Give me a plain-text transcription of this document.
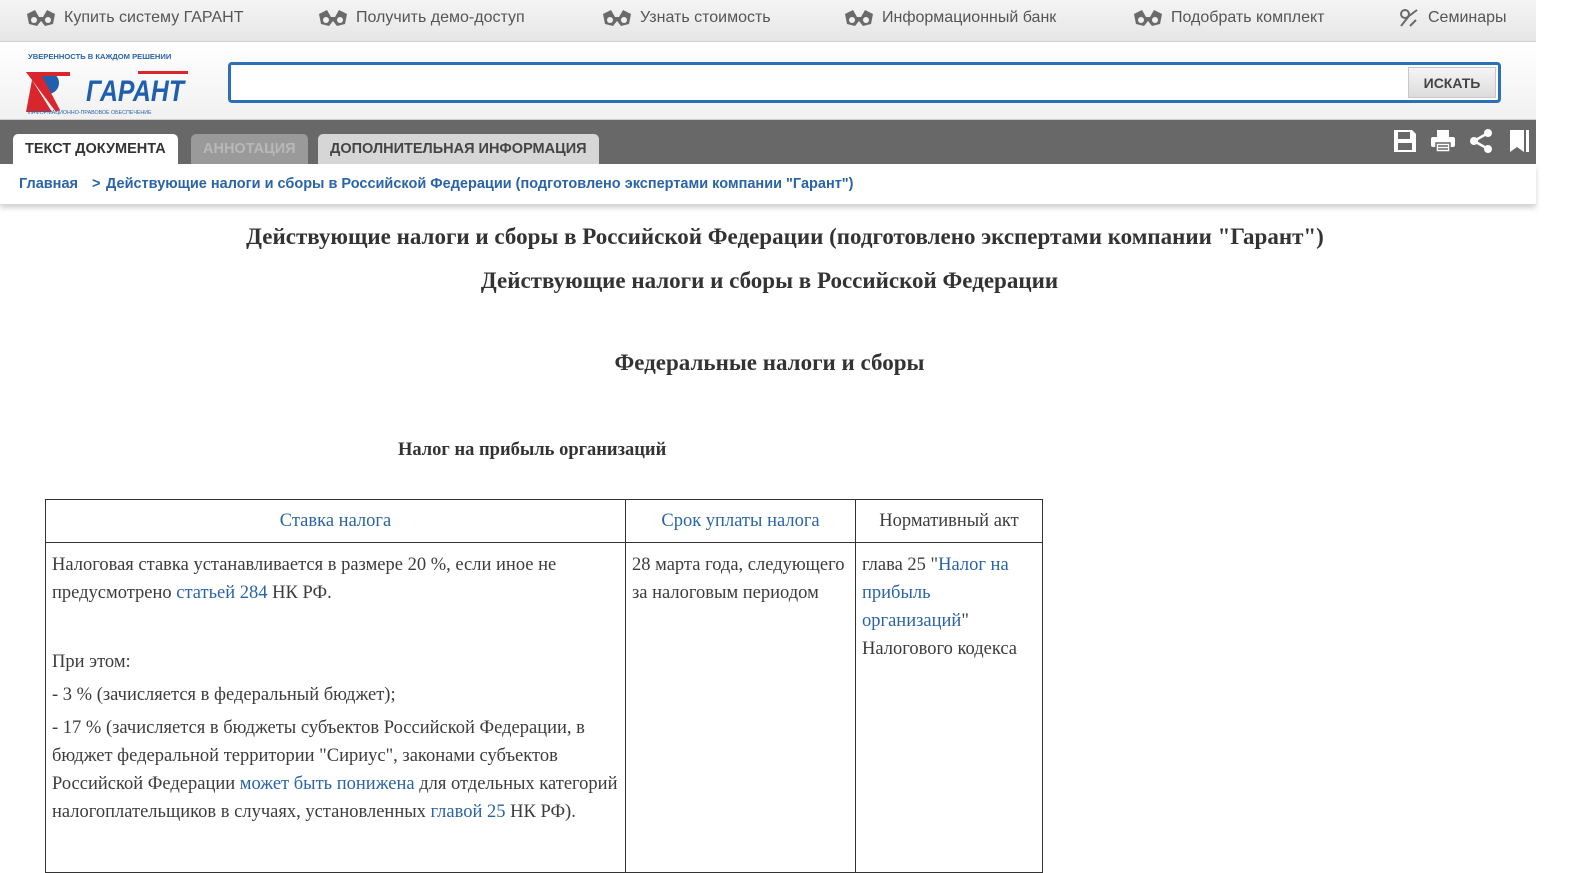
Купить систему ГАРАНТ	Получить демо-доступ	Узнать стоимость	Информационный банк	Подобрать комплект	Семинары
УВЕРЕННОСТЬ В КАЖДОМ РЕШЕНИИ
ГАРАНТ
ИНФОРМАЦИОННО-ПРАВОВОЕ ОБЕСПЕЧЕНИЕ
ИСКАТЬ
ТЕКСТ ДОКУМЕНТА	АННОТАЦИЯ	ДОПОЛНИТЕЛЬНАЯ ИНФОРМАЦИЯ
Главная > Действующие налоги и сборы в Российской Федерации (подготовлено экспертами компании "Гарант")
Действующие налоги и сборы в Российской Федерации (подготовлено экспертами компании "Гарант")
Действующие налоги и сборы в Российской Федерации
Федеральные налоги и сборы
Налог на прибыль организаций
Ставка налога	Срок уплаты налога	Нормативный акт

Налоговая ставка устанавливается в размере 20 %, если иное не предусмотрено статьей 284 НК РФ.
При этом:
- 3 % (зачисляется в федеральный бюджет);
- 17 % (зачисляется в бюджеты субъектов Российской Федерации, в бюджет федеральной территории "Сириус", законами субъектов Российской Федерации может быть понижена для отдельных категорий налогоплательщиков в случаях, установленных главой 25 НК РФ).	28 марта года, следующего за налоговым периодом	глава 25 "Налог на прибыль организаций" Налогового кодекса
